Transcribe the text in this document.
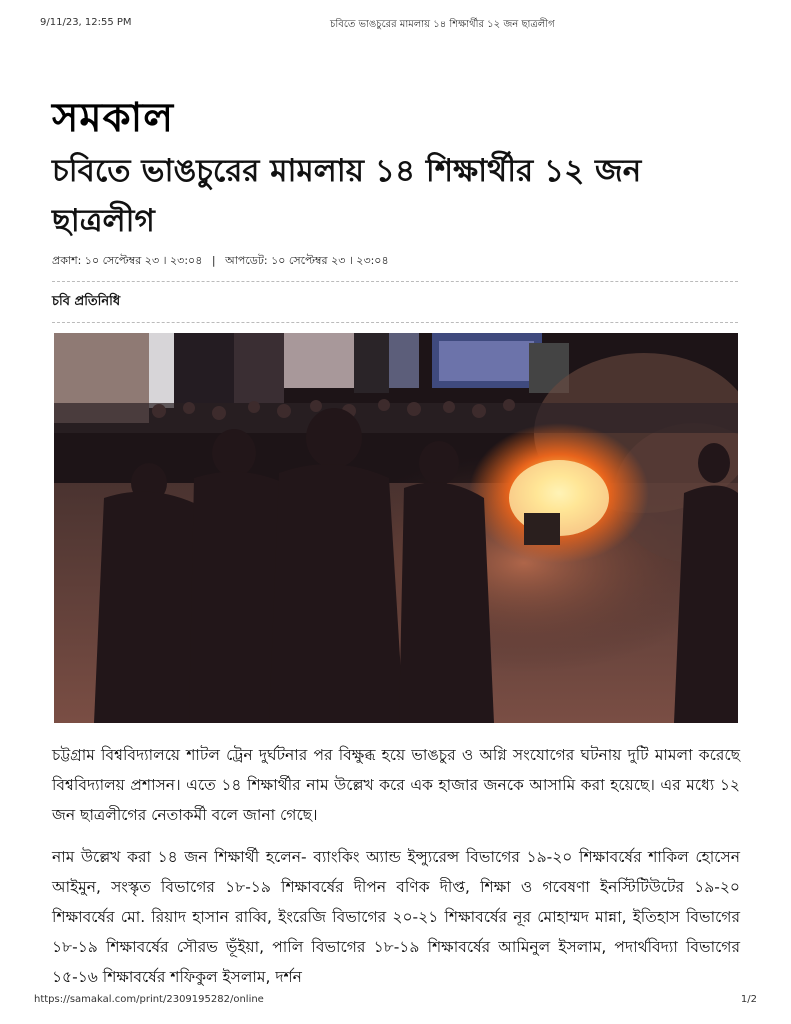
9/11/23, 12:55 PM	চবিতে ভাঙচুরের মামলায় ১৪ শিক্ষার্থীর ১২ জন ছাত্রলীগ
সমকাল
চবিতে ভাঙচুরের মামলায় ১৪ শিক্ষার্থীর ১২ জন ছাত্রলীগ
প্রকাশ: ১০ সেপ্টেম্বর ২৩ । ২৩:০৪ | আপডেট: ১০ সেপ্টেম্বর ২৩ । ২৩:০৪
চবি প্রতিনিধি

চট্টগ্রাম বিশ্ববিদ্যালয়ে শাটল ট্রেন দুর্ঘটনার পর বিক্ষুব্ধ হয়ে ভাঙচুর ও অগ্নি সংযোগের ঘটনায় দুটি মামলা করেছে বিশ্ববিদ্যালয় প্রশাসন। এতে ১৪ শিক্ষার্থীর নাম উল্লেখ করে এক হাজার জনকে আসামি করা হয়েছে। এর মধ্যে ১২ জন ছাত্রলীগের নেতাকর্মী বলে জানা গেছে।

নাম উল্লেখ করা ১৪ জন শিক্ষার্থী হলেন- ব্যাংকিং অ্যান্ড ইন্স্যুরেন্স বিভাগের ১৯-২০ শিক্ষাবর্ষের শাকিল হোসেন আইমুন, সংস্কৃত বিভাগের ১৮-১৯ শিক্ষাবর্ষের দীপন বণিক দীপ্ত, শিক্ষা ও গবেষণা ইনস্টিটিউটের ১৯-২০ শিক্ষাবর্ষের মো. রিয়াদ হাসান রাব্বি, ইংরেজি বিভাগের ২০-২১ শিক্ষাবর্ষের নূর মোহাম্মদ মান্না, ইতিহাস বিভাগের ১৮-১৯ শিক্ষাবর্ষের সৌরভ ভূঁইয়া, পালি বিভাগের ১৮-১৯ শিক্ষাবর্ষের আমিনুল ইসলাম, পদার্থবিদ্যা বিভাগের ১৫-১৬ শিক্ষাবর্ষের শফিকুল ইসলাম, দর্শন

https://samakal.com/print/2309195282/online	1/2
